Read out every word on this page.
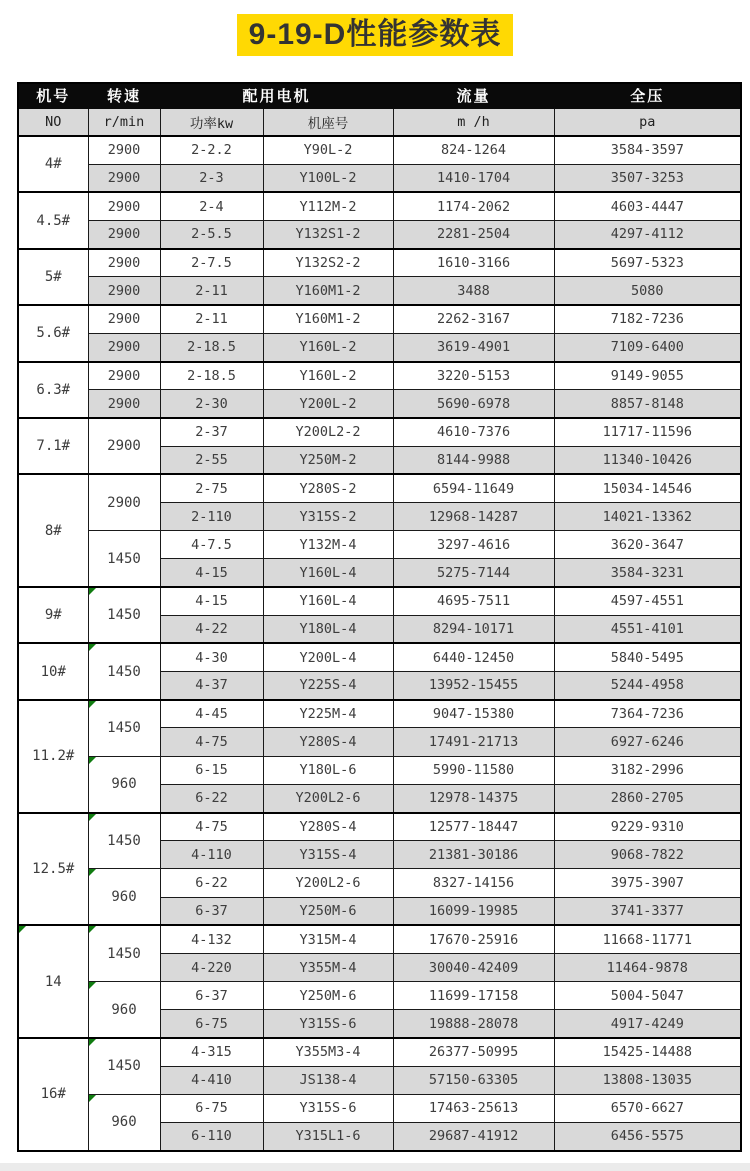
9-19-D性能参数表
机号	转速	配用电机		流量	全压
NO	r/min	功率kw	机座号	m /h	pa
4#	2900	2-2.2	Y90L-2	824-1264	3584-3597
	2900	2-3	Y100L-2	1410-1704	3507-3253
4.5#	2900	2-4	Y112M-2	1174-2062	4603-4447
	2900	2-5.5	Y132S1-2	2281-2504	4297-4112
5#	2900	2-7.5	Y132S2-2	1610-3166	5697-5323
	2900	2-11	Y160M1-2	3488	5080
5.6#	2900	2-11	Y160M1-2	2262-3167	7182-7236
	2900	2-18.5	Y160L-2	3619-4901	7109-6400
6.3#	2900	2-18.5	Y160L-2	3220-5153	9149-9055
	2900	2-30	Y200L-2	5690-6978	8857-8148
7.1#	2900	2-37	Y200L2-2	4610-7376	11717-11596
		2-55	Y250M-2	8144-9988	11340-10426
8#	2900	2-75	Y280S-2	6594-11649	15034-14546
		2-110	Y315S-2	12968-14287	14021-13362
	1450	4-7.5	Y132M-4	3297-4616	3620-3647
		4-15	Y160L-4	5275-7144	3584-3231
9#	1450	4-15	Y160L-4	4695-7511	4597-4551
		4-22	Y180L-4	8294-10171	4551-4101
10#	1450	4-30	Y200L-4	6440-12450	5840-5495
		4-37	Y225S-4	13952-15455	5244-4958
11.2#	1450	4-45	Y225M-4	9047-15380	7364-7236
		4-75	Y280S-4	17491-21713	6927-6246
	960	6-15	Y180L-6	5990-11580	3182-2996
		6-22	Y200L2-6	12978-14375	2860-2705
12.5#	1450	4-75	Y280S-4	12577-18447	9229-9310
		4-110	Y315S-4	21381-30186	9068-7822
	960	6-22	Y200L2-6	8327-14156	3975-3907
		6-37	Y250M-6	16099-19985	3741-3377
14	1450	4-132	Y315M-4	17670-25916	11668-11771
		4-220	Y355M-4	30040-42409	11464-9878
	960	6-37	Y250M-6	11699-17158	5004-5047
		6-75	Y315S-6	19888-28078	4917-4249
16#	1450	4-315	Y355M3-4	26377-50995	15425-14488
		4-410	JS138-4	57150-63305	13808-13035
	960	6-75	Y315S-6	17463-25613	6570-6627
		6-110	Y315L1-6	29687-41912	6456-5575
